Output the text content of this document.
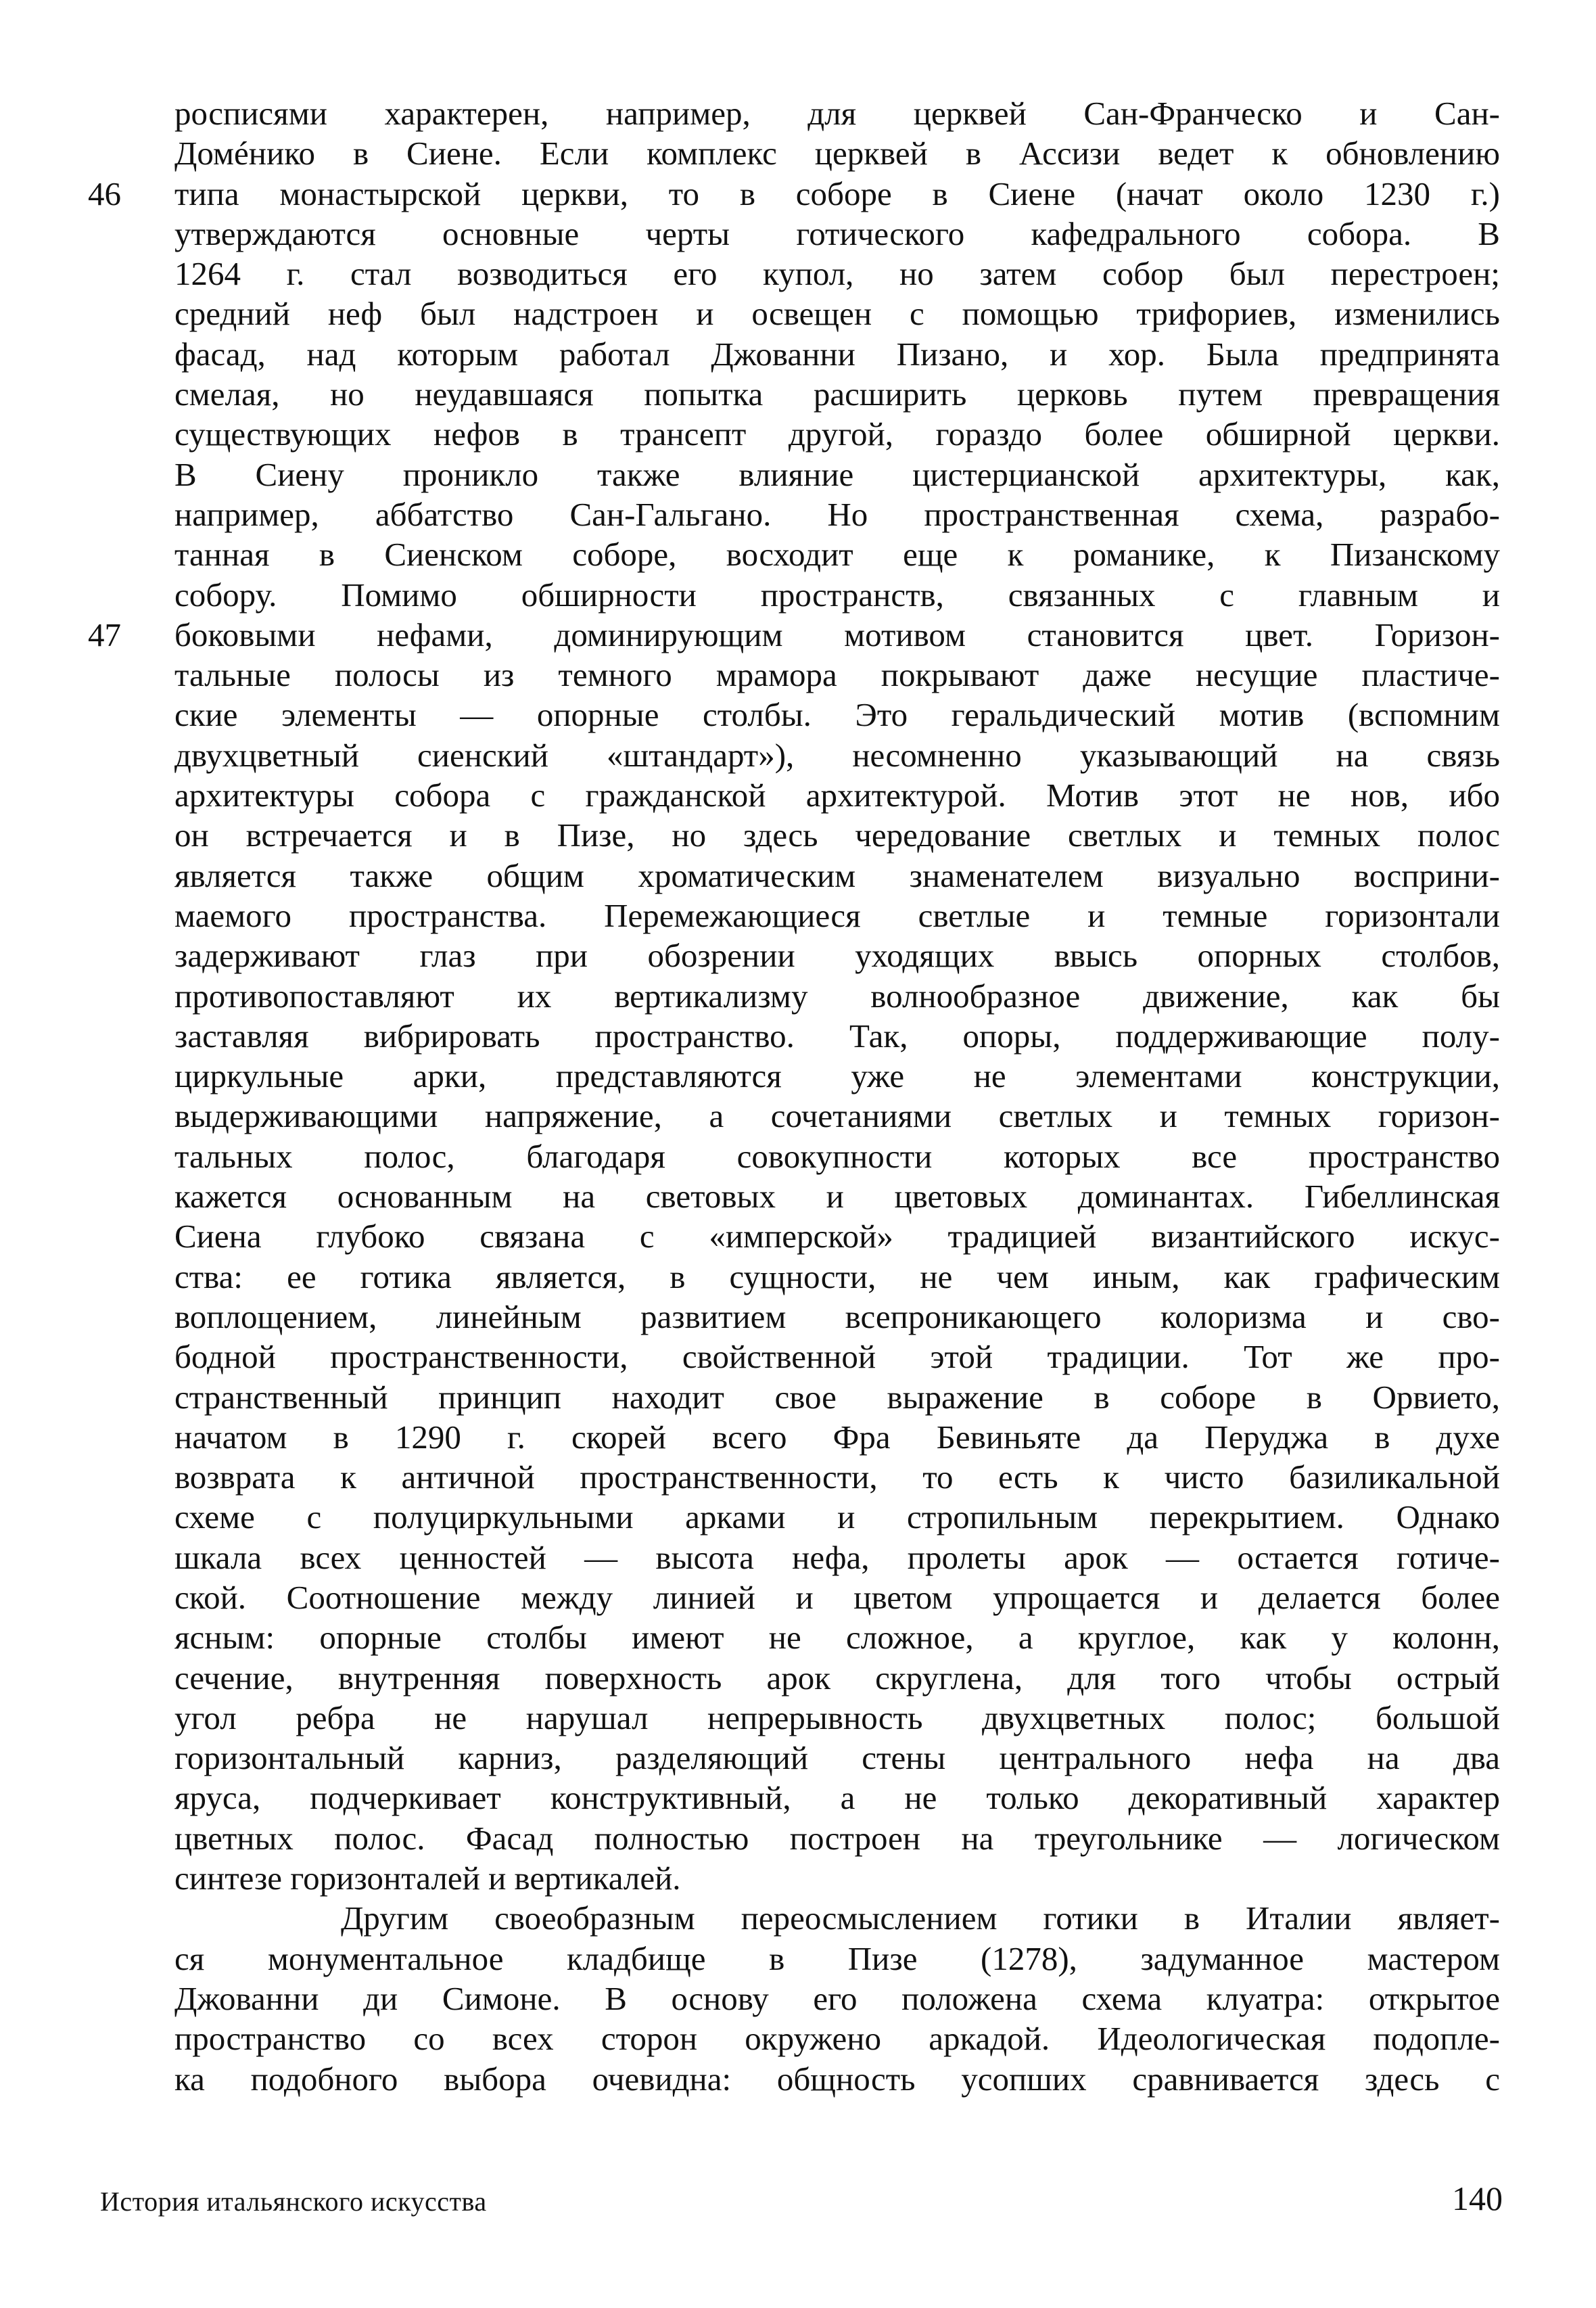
росписями характерен, например, для церквей Сан-Франческо и Сан-
Домéнико в Сиене. Если комплекс церквей в Ассизи ведет к обновлению
типа монастырской церкви, то в соборе в Сиене (начат около 1230 г.)
утверждаются основные черты готического кафедрального собора. В
1264 г. стал возводиться его купол, но затем собор был перестроен;
средний неф был надстроен и освещен с помощью трифориев, изменились
фасад, над которым работал Джованни Пизано, и хор. Была предпринята
смелая, но неудавшаяся попытка расширить церковь путем превращения
существующих нефов в трансепт другой, гораздо более обширной церкви.
В Сиену проникло также влияние цистерцианской архитектуры, как,
например, аббатство Сан-Гальгано. Но пространственная схема, разрабо-
танная в Сиенском соборе, восходит еще к романике, к Пизанскому
собору. Помимо обширности пространств, связанных с главным и
боковыми нефами, доминирующим мотивом становится цвет. Горизон-
тальные полосы из темного мрамора покрывают даже несущие пластиче-
ские элементы — опорные столбы. Это геральдический мотив (вспомним
двухцветный сиенский «штандарт»), несомненно указывающий на связь
архитектуры собора с гражданской архитектурой. Мотив этот не нов, ибо
он встречается и в Пизе, но здесь чередование светлых и темных полос
является также общим хроматическим знаменателем визуально восприни-
маемого пространства. Перемежающиеся светлые и темные горизонтали
задерживают глаз при обозрении уходящих ввысь опорных столбов,
противопоставляют их вертикализму волнообразное движение, как бы
заставляя вибрировать пространство. Так, опоры, поддерживающие полу-
циркульные арки, представляются уже не элементами конструкции,
выдерживающими напряжение, а сочетаниями светлых и темных горизон-
тальных полос, благодаря совокупности которых все пространство
кажется основанным на световых и цветовых доминантах. Гибеллинская
Сиена глубоко связана с «имперской» традицией византийского искус-
ства: ее готика является, в сущности, не чем иным, как графическим
воплощением, линейным развитием всепроникающего колоризма и сво-
бодной пространственности, свойственной этой традиции. Тот же про-
странственный принцип находит свое выражение в соборе в Орвието,
начатом в 1290 г. скорей всего Фра Бевиньяте да Перуджа в духе
возврата к античной пространственности, то есть к чисто базиликальной
схеме с полуциркульными арками и стропильным перекрытием. Однако
шкала всех ценностей — высота нефа, пролеты арок — остается готиче-
ской. Соотношение между линией и цветом упрощается и делается более
ясным: опорные столбы имеют не сложное, а круглое, как у колонн,
сечение, внутренняя поверхность арок скруглена, для того чтобы острый
угол ребра не нарушал непрерывность двухцветных полос; большой
горизонтальный карниз, разделяющий стены центрального нефа на два
яруса, подчеркивает конструктивный, а не только декоративный характер
цветных полос. Фасад полностью построен на треугольнике — логическом
синтезе горизонталей и вертикалей.
Другим своеобразным переосмыслением готики в Италии являет-
ся монументальное кладбище в Пизе (1278), задуманное мастером
Джованни ди Симоне. В основу его положена схема клуатра: открытое
пространство со всех сторон окружено аркадой. Идеологическая подопле-
ка подобного выбора очевидна: общность усопших сравнивается здесь с
46
47
История итальянского искусства	140
